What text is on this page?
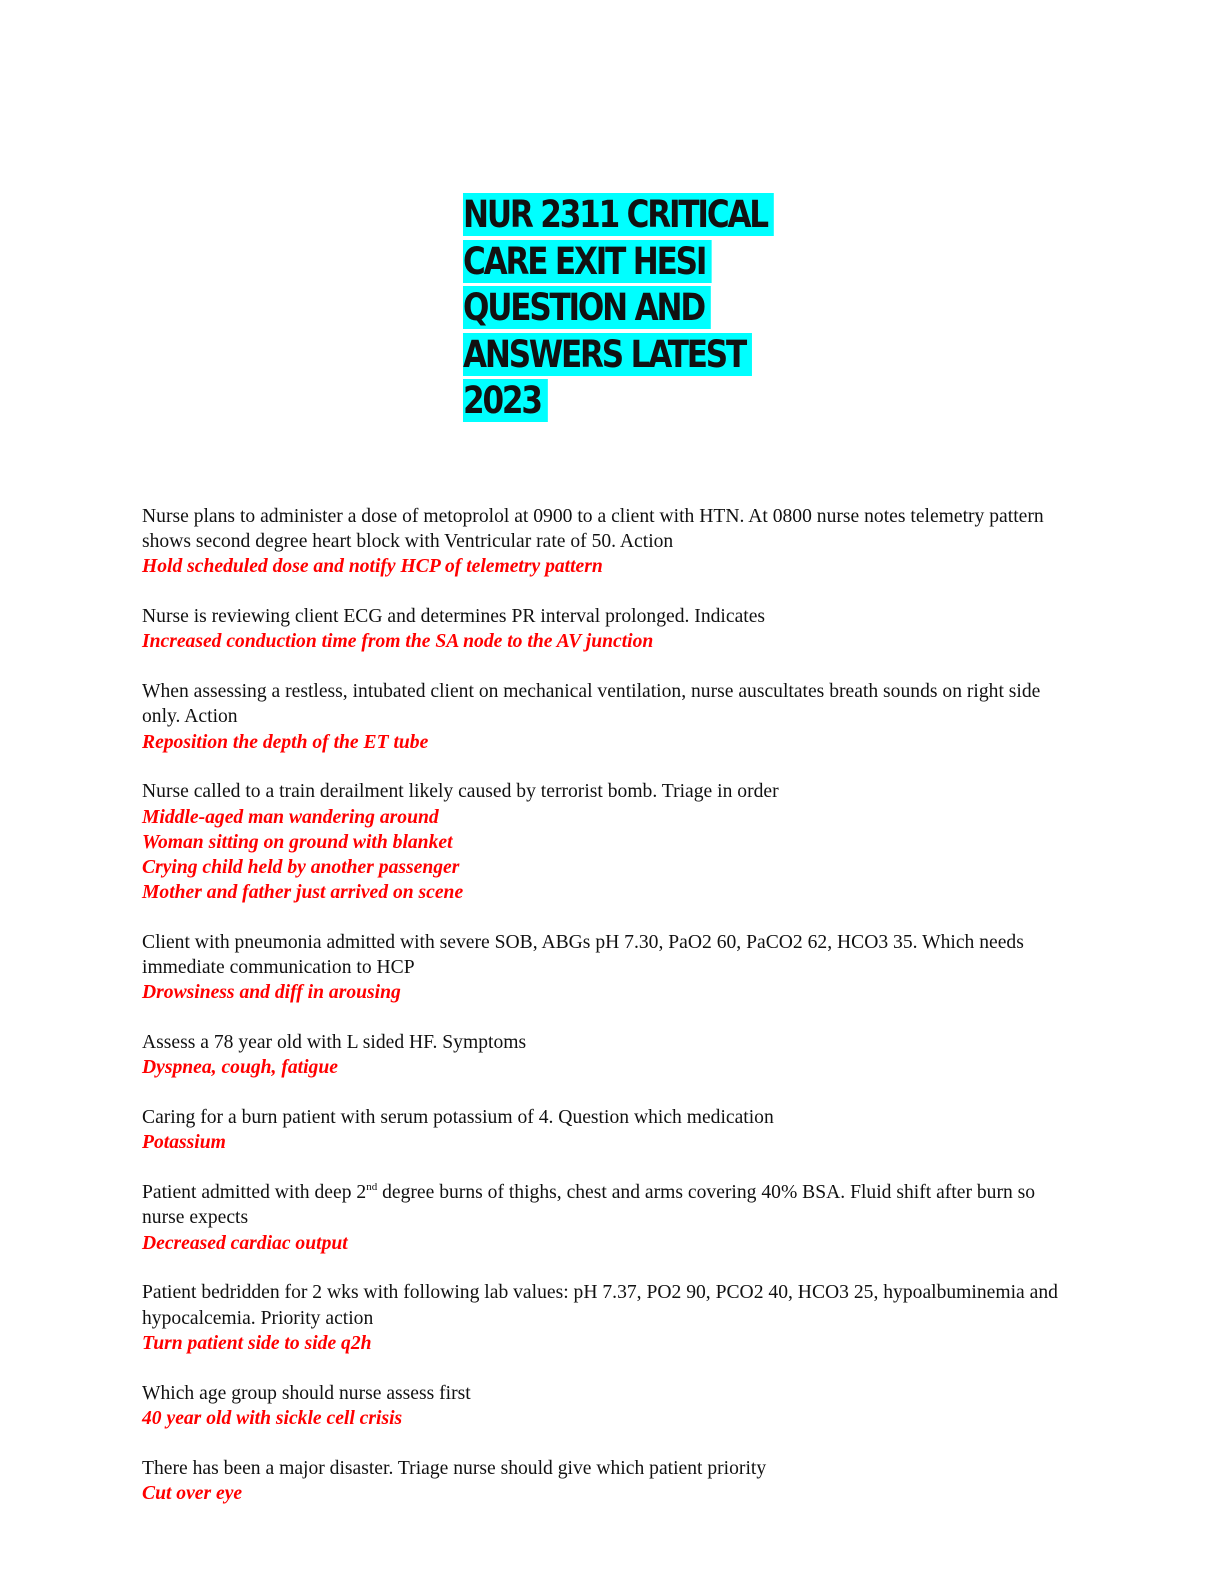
NUR 2311 CRITICAL
CARE EXIT HESI
QUESTION AND
ANSWERS LATEST
2023
Nurse plans to administer a dose of metoprolol at 0900 to a client with HTN. At 0800 nurse notes telemetry pattern shows second degree heart block with Ventricular rate of 50. Action
Hold scheduled dose and notify HCP of telemetry pattern
Nurse is reviewing client ECG and determines PR interval prolonged. Indicates
Increased conduction time from the SA node to the AV junction
When assessing a restless, intubated client on mechanical ventilation, nurse auscultates breath sounds on right side only. Action
Reposition the depth of the ET tube
Nurse called to a train derailment likely caused by terrorist bomb. Triage in order
Middle-aged man wandering around
Woman sitting on ground with blanket
Crying child held by another passenger
Mother and father just arrived on scene
Client with pneumonia admitted with severe SOB, ABGs pH 7.30, PaO2 60, PaCO2 62, HCO3 35. Which needs immediate communication to HCP
Drowsiness and diff in arousing
Assess a 78 year old with L sided HF. Symptoms
Dyspnea, cough, fatigue
Caring for a burn patient with serum potassium of 4. Question which medication
Potassium
Patient admitted with deep 2nd degree burns of thighs, chest and arms covering 40% BSA. Fluid shift after burn so nurse expects
Decreased cardiac output
Patient bedridden for 2 wks with following lab values: pH 7.37, PO2 90, PCO2 40, HCO3 25, hypoalbuminemia and hypocalcemia. Priority action
Turn patient side to side q2h
Which age group should nurse assess first
40 year old with sickle cell crisis
There has been a major disaster. Triage nurse should give which patient priority
Cut over eye
